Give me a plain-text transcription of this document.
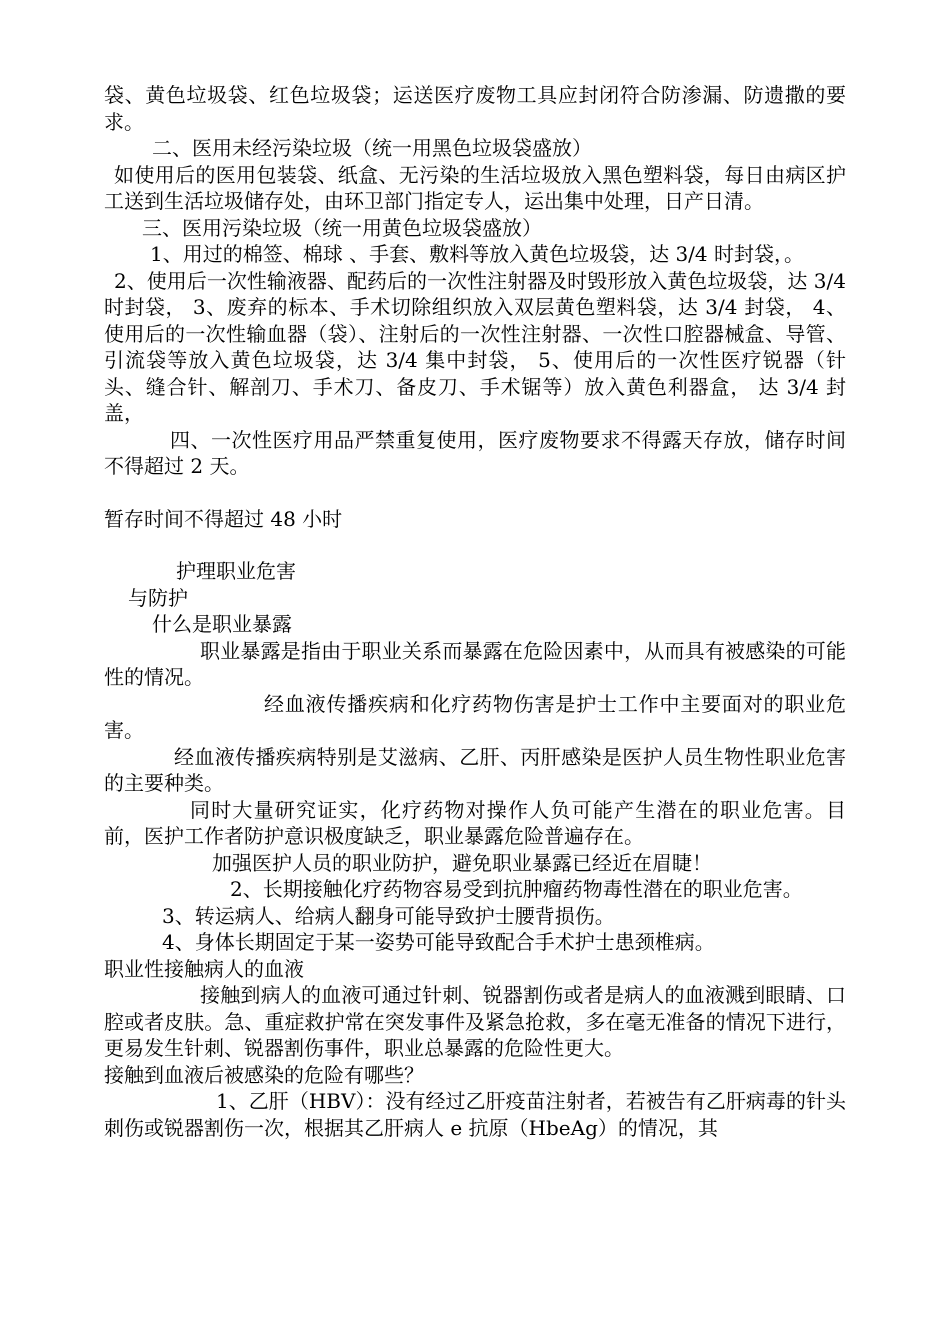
袋、黄色垃圾袋、红色垃圾袋；运送医疗废物工具应封闭符合防渗漏、防遗撒的要求。

二、医用未经污染垃圾（统一用黑色垃圾袋盛放）

如使用后的医用包装袋、纸盒、无污染的生活垃圾放入黑色塑料袋，每日由病区护工送到生活垃圾储存处，由环卫部门指定专人，运出集中处理，日产日清。

三、医用污染垃圾（统一用黄色垃圾袋盛放）

1、用过的棉签、棉球 、手套、敷料等放入黄色垃圾袋，达 3/4 时封袋，。

2、使用后一次性输液器、配药后的一次性注射器及时毁形放入黄色垃圾袋，达 3/4 时封袋， 3、废弃的标本、手术切除组织放入双层黄色塑料袋，达 3/4 封袋， 4、使用后的一次性输血器（袋）、注射后的一次性注射器、一次性口腔器械盒、导管、引流袋等放入黄色垃圾袋，达 3/4 集中封袋， 5、使用后的一次性医疗锐器（针头、缝合针、解剖刀、手术刀、备皮刀、手术锯等）放入黄色利器盒， 达 3/4 封盖，

四、一次性医疗用品严禁重复使用，医疗废物要求不得露天存放，储存时间不得超过 2 天。

暂存时间不得超过 48 小时

护理职业危害

与防护

什么是职业暴露

职业暴露是指由于职业关系而暴露在危险因素中，从而具有被感染的可能性的情况。

经血液传播疾病和化疗药物伤害是护士工作中主要面对的职业危害。

经血液传播疾病特别是艾滋病、乙肝、丙肝感染是医护人员生物性职业危害的主要种类。

同时大量研究证实，化疗药物对操作人负可能产生潜在的职业危害。目前，医护工作者防护意识极度缺乏，职业暴露危险普遍存在。

加强医护人员的职业防护，避免职业暴露已经近在眉睫！

2、长期接触化疗药物容易受到抗肿瘤药物毒性潜在的职业危害。

3、转运病人、给病人翻身可能导致护士腰背损伤。

4、身体长期固定于某一姿势可能导致配合手术护士患颈椎病。

职业性接触病人的血液

接触到病人的血液可通过针刺、锐器割伤或者是病人的血液溅到眼睛、口腔或者皮肤。急、重症救护常在突发事件及紧急抢救，多在毫无准备的情况下进行，更易发生针刺、锐器割伤事件，职业总暴露的危险性更大。

接触到血液后被感染的危险有哪些？

1、乙肝（HBV）：没有经过乙肝疫苗注射者，若被告有乙肝病毒的针头刺伤或锐器割伤一次，根据其乙肝病人 e 抗原（HbeAg）的情况，其
